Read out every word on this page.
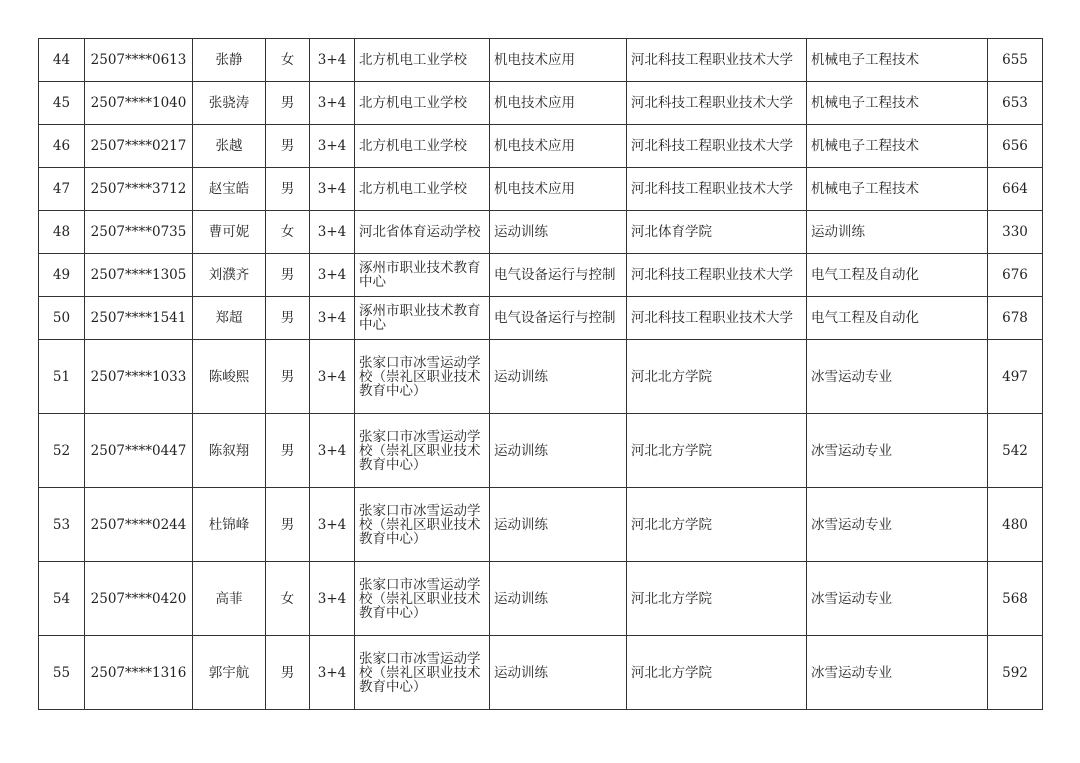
44	2507****0613	张静	女	3+4	北方机电工业学校	机电技术应用	河北科技工程职业技术大学	机械电子工程技术	655
45	2507****1040	张骁涛	男	3+4	北方机电工业学校	机电技术应用	河北科技工程职业技术大学	机械电子工程技术	653
46	2507****0217	张越	男	3+4	北方机电工业学校	机电技术应用	河北科技工程职业技术大学	机械电子工程技术	656
47	2507****3712	赵宝皓	男	3+4	北方机电工业学校	机电技术应用	河北科技工程职业技术大学	机械电子工程技术	664
48	2507****0735	曹可妮	女	3+4	河北省体育运动学校	运动训练	河北体育学院	运动训练	330
49	2507****1305	刘濮齐	男	3+4	涿州市职业技术教育中心	电气设备运行与控制	河北科技工程职业技术大学	电气工程及自动化	676
50	2507****1541	郑超	男	3+4	涿州市职业技术教育中心	电气设备运行与控制	河北科技工程职业技术大学	电气工程及自动化	678
51	2507****1033	陈峻熙	男	3+4	张家口市冰雪运动学校（崇礼区职业技术教育中心）	运动训练	河北北方学院	冰雪运动专业	497
52	2507****0447	陈叙翔	男	3+4	张家口市冰雪运动学校（崇礼区职业技术教育中心）	运动训练	河北北方学院	冰雪运动专业	542
53	2507****0244	杜锦峰	男	3+4	张家口市冰雪运动学校（崇礼区职业技术教育中心）	运动训练	河北北方学院	冰雪运动专业	480
54	2507****0420	高菲	女	3+4	张家口市冰雪运动学校（崇礼区职业技术教育中心）	运动训练	河北北方学院	冰雪运动专业	568
55	2507****1316	郭宇航	男	3+4	张家口市冰雪运动学校（崇礼区职业技术教育中心）	运动训练	河北北方学院	冰雪运动专业	592
